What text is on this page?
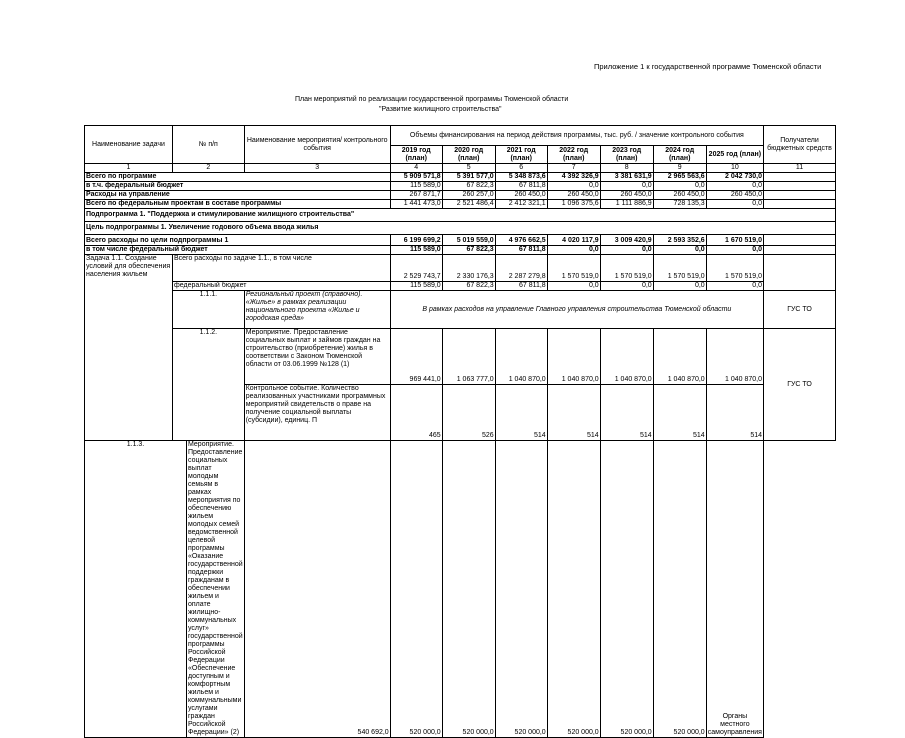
Приложение 1 к государственной программе Тюменской области
План мероприятий по реализации государственной программы Тюменской области
"Развитие жилищного строительства"
Наименование задачи	№ п/п		Наименование мероприятия/ контрольного события	Объемы финансирования на период действия программы, тыс. руб. / значение контрольного события							Получатели бюджетных средств
				2019 год (план)	2020 год (план)	2021 год (план)	2022 год (план)	2023 год (план)	2024 год (план)	2025 год (план)	
1	2		3	4	5	6	7	8	9	10	11
Всего по программе				5 909 571,8	5 391 577,0	5 348 873,6	4 392 326,9	3 381 631,9	2 965 563,6	2 042 730,0	
в т.ч. федеральный бюджет				115 589,0	67 822,3	67 811,8	0,0	0,0	0,0	0,0	
Расходы на управление				267 871,7	260 257,0	260 450,0	260 450,0	260 450,0	260 450,0	260 450,0	
Всего по федеральным проектам в составе программы				1 441 473,0	2 521 486,4	2 412 321,1	1 096 375,6	1 111 886,9	728 135,3	0,0	
Подпрограмма 1. "Поддержка и стимулирование жилищного строительства"											
Цель подпрограммы 1. Увеличение годового объема ввода жилья											
Всего расходы по цели подпрограммы 1				6 199 699,2	5 019 559,0	4 976 662,5	4 020 117,9	3 009 420,9	2 593 352,6	1 670 519,0	
в том числе федеральный бюджет				115 589,0	67 822,3	67 811,8	0,0	0,0	0,0	0,0	
Задача 1.1. Создание условий для обеспечения населения жильем	Всего расходы по задаче 1.1., в том числе			2 529 743,7	2 330 176,3	2 287 279,8	1 570 519,0	1 570 519,0	1 570 519,0	1 570 519,0	
	федеральный бюджет			115 589,0	67 822,3	67 811,8	0,0	0,0	0,0	0,0	
	1.1.1.		Региональный проект (справочно). «Жилье» в рамках реализации национального проекта «Жилье и городская среда»	В рамках расходов на управление Главного управления строительства Тюменской области							ГУС ТО
	1.1.2.		Мероприятие. Предоставление социальных выплат и займов граждан на строительство (приобретение) жилья в соответствии с Законом Тюменской области от 03.06.1999 №128 (1)	969 441,0	1 063 777,0	1 040 870,0	1 040 870,0	1 040 870,0	1 040 870,0	1 040 870,0	ГУС ТО
			Контрольное событие. Количество реализованных участниками программных мероприятий свидетельств о праве на получение социальной выплаты (субсидии), единиц. П	465	526	514	514	514	514	514	
1.1.3.		Мероприятие. Предоставление социальных выплат молодым семьям в рамках мероприятия по обеспечению жильем молодых семей ведомственной целевой программы «Оказание государственной поддержки гражданам в обеспечении жильем и оплате жилищно-коммунальных услуг» государственной программы Российской Федерации «Обеспечение доступным и комфортным жильем и коммунальными услугами граждан Российской Федерации» (2)	540 692,0	520 000,0	520 000,0	520 000,0	520 000,0	520 000,0	520 000,0	Органы местного самоуправления	
